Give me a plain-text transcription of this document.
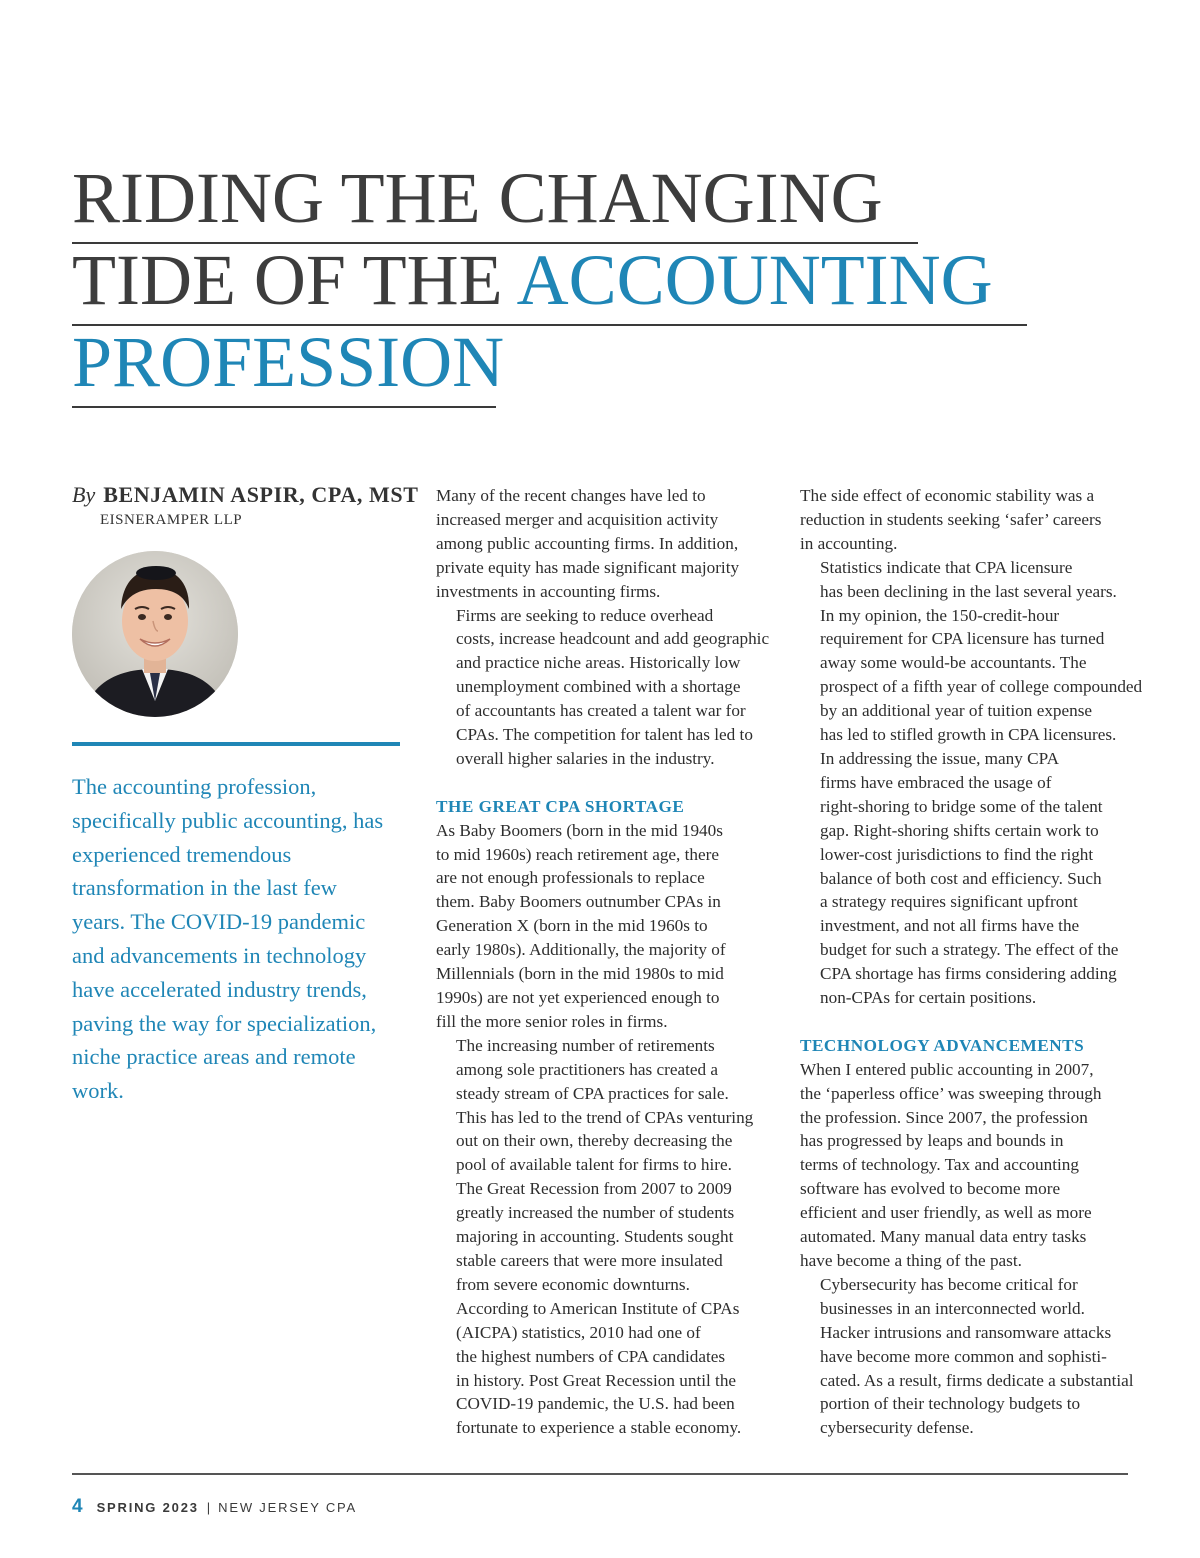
RIDING THE CHANGING
TIDE OF THE ACCOUNTING
PROFESSION
By BENJAMIN ASPIR, CPA, MST
EISNERAMPER LLP
The accounting profession, specifically public accounting, has experienced tremendous transformation in the last few years. The COVID-19 pandemic and advancements in technology have accelerated industry trends, paving the way for specialization, niche practice areas and remote work.

Many of the recent changes have led to
increased merger and acquisition activity
among public accounting firms. In addition,
private equity has made significant majority
investments in accounting firms.

Firms are seeking to reduce overhead
costs, increase headcount and add geographic
and practice niche areas. Historically low
unemployment combined with a shortage
of accountants has created a talent war for
CPAs. The competition for talent has led to
overall higher salaries in the industry.

THE GREAT CPA SHORTAGE

As Baby Boomers (born in the mid 1940s
to mid 1960s) reach retirement age, there
are not enough professionals to replace
them. Baby Boomers outnumber CPAs in
Generation X (born in the mid 1960s to
early 1980s). Additionally, the majority of
Millennials (born in the mid 1980s to mid
1990s) are not yet experienced enough to
fill the more senior roles in firms.

The increasing number of retirements
among sole practitioners has created a
steady stream of CPA practices for sale.
This has led to the trend of CPAs venturing
out on their own, thereby decreasing the
pool of available talent for firms to hire.

The Great Recession from 2007 to 2009
greatly increased the number of students
majoring in accounting. Students sought
stable careers that were more insulated
from severe economic downturns.
According to American Institute of CPAs
(AICPA) statistics, 2010 had one of
the highest numbers of CPA candidates
in history. Post Great Recession until the
COVID-19 pandemic, the U.S. had been
fortunate to experience a stable economy.

The side effect of economic stability was a
reduction in students seeking ‘safer’ careers
in accounting.

Statistics indicate that CPA licensure
has been declining in the last several years.
In my opinion, the 150-credit-hour
requirement for CPA licensure has turned
away some would-be accountants. The
prospect of a fifth year of college compounded
by an additional year of tuition expense
has led to stifled growth in CPA licensures.

In addressing the issue, many CPA
firms have embraced the usage of
right-shoring to bridge some of the talent
gap. Right-shoring shifts certain work to
lower-cost jurisdictions to find the right
balance of both cost and efficiency. Such
a strategy requires significant upfront
investment, and not all firms have the
budget for such a strategy. The effect of the
CPA shortage has firms considering adding
non-CPAs for certain positions.

TECHNOLOGY ADVANCEMENTS

When I entered public accounting in 2007,
the ‘paperless office’ was sweeping through
the profession. Since 2007, the profession
has progressed by leaps and bounds in
terms of technology. Tax and accounting
software has evolved to become more
efficient and user friendly, as well as more
automated. Many manual data entry tasks
have become a thing of the past.

Cybersecurity has become critical for
businesses in an interconnected world.
Hacker intrusions and ransomware attacks
have become more common and sophisti-
cated. As a result, firms dedicate a substantial
portion of their technology budgets to
cybersecurity defense.

4 SPRING 2023 | NEW JERSEY CPA
